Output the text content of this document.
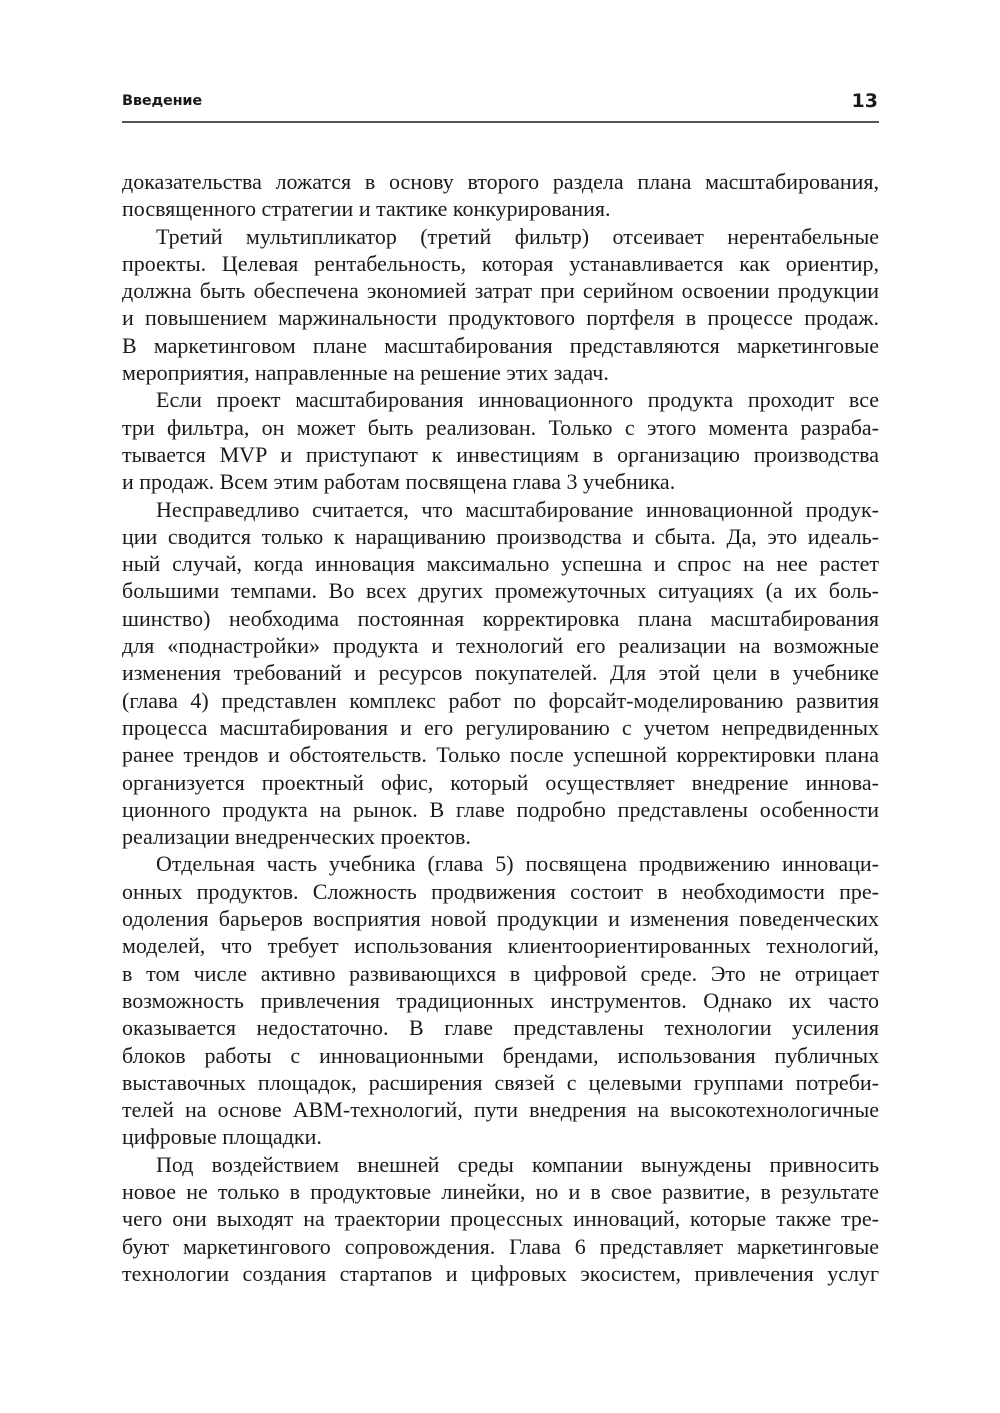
Введение	13
доказательства ложатся в основу второго раздела плана масштабирования,
посвященного стратегии и тактике конкурирования.
Третий мультипликатор (третий фильтр) отсеивает нерентабельные
проекты. Целевая рентабельность, которая устанавливается как ориентир,
должна быть обеспечена экономией затрат при серийном освоении продукции
и повышением маржинальности продуктового портфеля в процессе продаж.
В маркетинговом плане масштабирования представляются маркетинговые
мероприятия, направленные на решение этих задач.
Если проект масштабирования инновационного продукта проходит все
три фильтра, он может быть реализован. Только с этого момента разраба-
тывается MVP и приступают к инвестициям в организацию производства
и продаж. Всем этим работам посвящена глава 3 учебника.
Несправедливо считается, что масштабирование инновационной продук-
ции сводится только к наращиванию производства и сбыта. Да, это идеаль-
ный случай, когда инновация максимально успешна и спрос на нее растет
большими темпами. Во всех других промежуточных ситуациях (а их боль-
шинство) необходима постоянная корректировка плана масштабирования
для «поднастройки» продукта и технологий его реализации на возможные
изменения требований и ресурсов покупателей. Для этой цели в учебнике
(глава 4) представлен комплекс работ по форсайт-моделированию развития
процесса масштабирования и его регулированию с учетом непредвиденных
ранее трендов и обстоятельств. Только после успешной корректировки плана
организуется проектный офис, который осуществляет внедрение иннова-
ционного продукта на рынок. В главе подробно представлены особенности
реализации внедренческих проектов.
Отдельная часть учебника (глава 5) посвящена продвижению инноваци-
онных продуктов. Сложность продвижения состоит в необходимости пре-
одоления барьеров восприятия новой продукции и изменения поведенческих
моделей, что требует использования клиентоориентированных технологий,
в том числе активно развивающихся в цифровой среде. Это не отрицает
возможность привлечения традиционных инструментов. Однако их часто
оказывается недостаточно. В главе представлены технологии усиления
блоков работы с инновационными брендами, использования публичных
выставочных площадок, расширения связей с целевыми группами потреби-
телей на основе ABM-технологий, пути внедрения на высокотехнологичные
цифровые площадки.
Под воздействием внешней среды компании вынуждены привносить
новое не только в продуктовые линейки, но и в свое развитие, в результате
чего они выходят на траектории процессных инноваций, которые также тре-
буют маркетингового сопровождения. Глава 6 представляет маркетинговые
технологии создания стартапов и цифровых экосистем, привлечения услуг
